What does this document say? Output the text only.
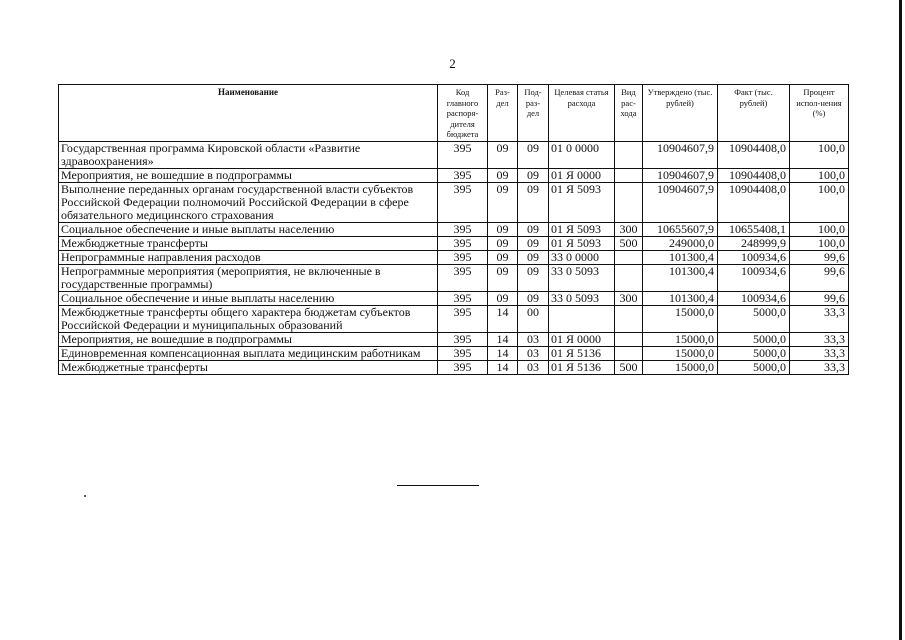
2
Наименование	Код главного распоря-дителя бюджета	Раз-дел	Под-раз-дел	Целевая статья расхода	Вид рас-хода	Утверждено (тыс. рублей)	Факт (тыс. рублей)	Процент испол-нения (%)
Государственная программа Кировской области «Развитие здравоохранения»	395	09	09	01 0 0000		10904607,9	10904408,0	100,0
Мероприятия, не вошедшие в подпрограммы	395	09	09	01 Я 0000		10904607,9	10904408,0	100,0
Выполнение переданных органам государственной власти субъектов Российской Федерации полномочий Российской Федерации в сфере обязательного медицинского страхования	395	09	09	01 Я 5093		10904607,9	10904408,0	100,0
Социальное обеспечение и иные выплаты населению	395	09	09	01 Я 5093	300	10655607,9	10655408,1	100,0
Межбюджетные трансферты	395	09	09	01 Я 5093	500	249000,0	248999,9	100,0
Непрограммные направления расходов	395	09	09	33 0 0000		101300,4	100934,6	99,6
Непрограммные мероприятия (мероприятия, не включенные в государственные программы)	395	09	09	33 0 5093		101300,4	100934,6	99,6
Социальное обеспечение и иные выплаты населению	395	09	09	33 0 5093	300	101300,4	100934,6	99,6
Межбюджетные трансферты общего характера бюджетам субъектов Российской Федерации и муниципальных образований	395	14	00			15000,0	5000,0	33,3
Мероприятия, не вошедшие в подпрограммы	395	14	03	01 Я 0000		15000,0	5000,0	33,3
Единовременная компенсационная выплата медицинским работникам	395	14	03	01 Я 5136		15000,0	5000,0	33,3
Межбюджетные трансферты	395	14	03	01 Я 5136	500	15000,0	5000,0	33,3
